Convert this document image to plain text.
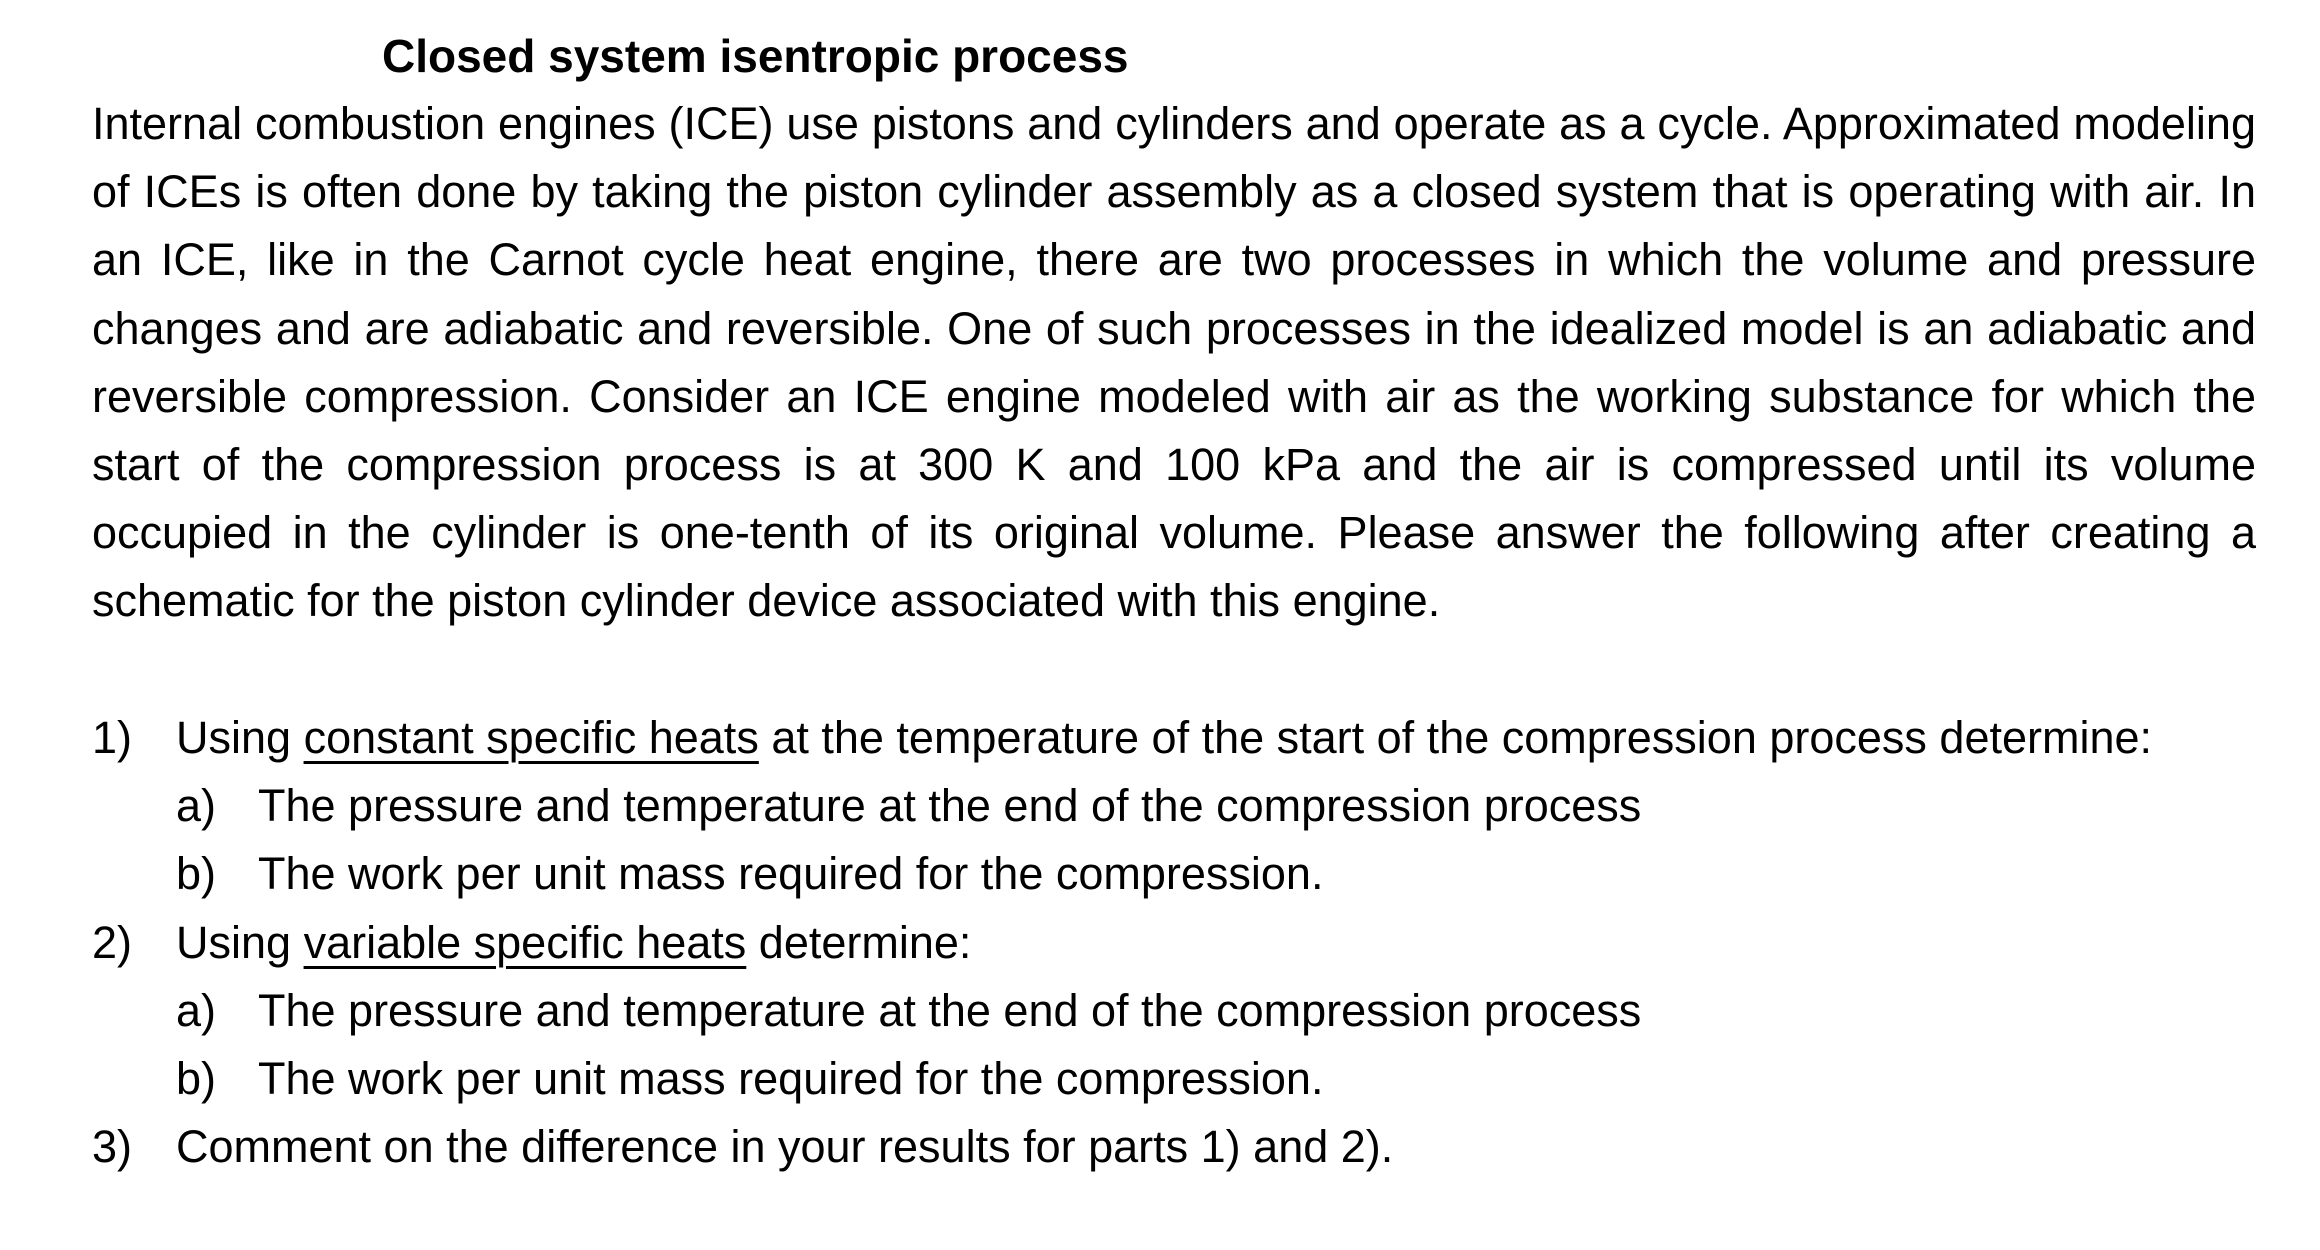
Closed system isentropic process

Internal combustion engines (ICE) use pistons and cylinders and operate as a cycle. Approximated modeling of ICEs is often done by taking the piston cylinder assembly as a closed system that is operating with air. In an ICE, like in the Carnot cycle heat engine, there are two processes in which the volume and pressure changes and are adiabatic and reversible. One of such processes in the idealized model is an adiabatic and reversible compression. Consider an ICE engine modeled with air as the working substance for which the start of the compression process is at 300 K and 100 kPa and the air is compressed until its volume occupied in the cylinder is one-tenth of its original volume. Please answer the following after creating a schematic for the piston cylinder device associated with this engine.

1) Using constant specific heats at the temperature of the start of the compression process determine:
a) The pressure and temperature at the end of the compression process
b) The work per unit mass required for the compression.
2) Using variable specific heats determine:
a) The pressure and temperature at the end of the compression process
b) The work per unit mass required for the compression.
3) Comment on the difference in your results for parts 1) and 2).
